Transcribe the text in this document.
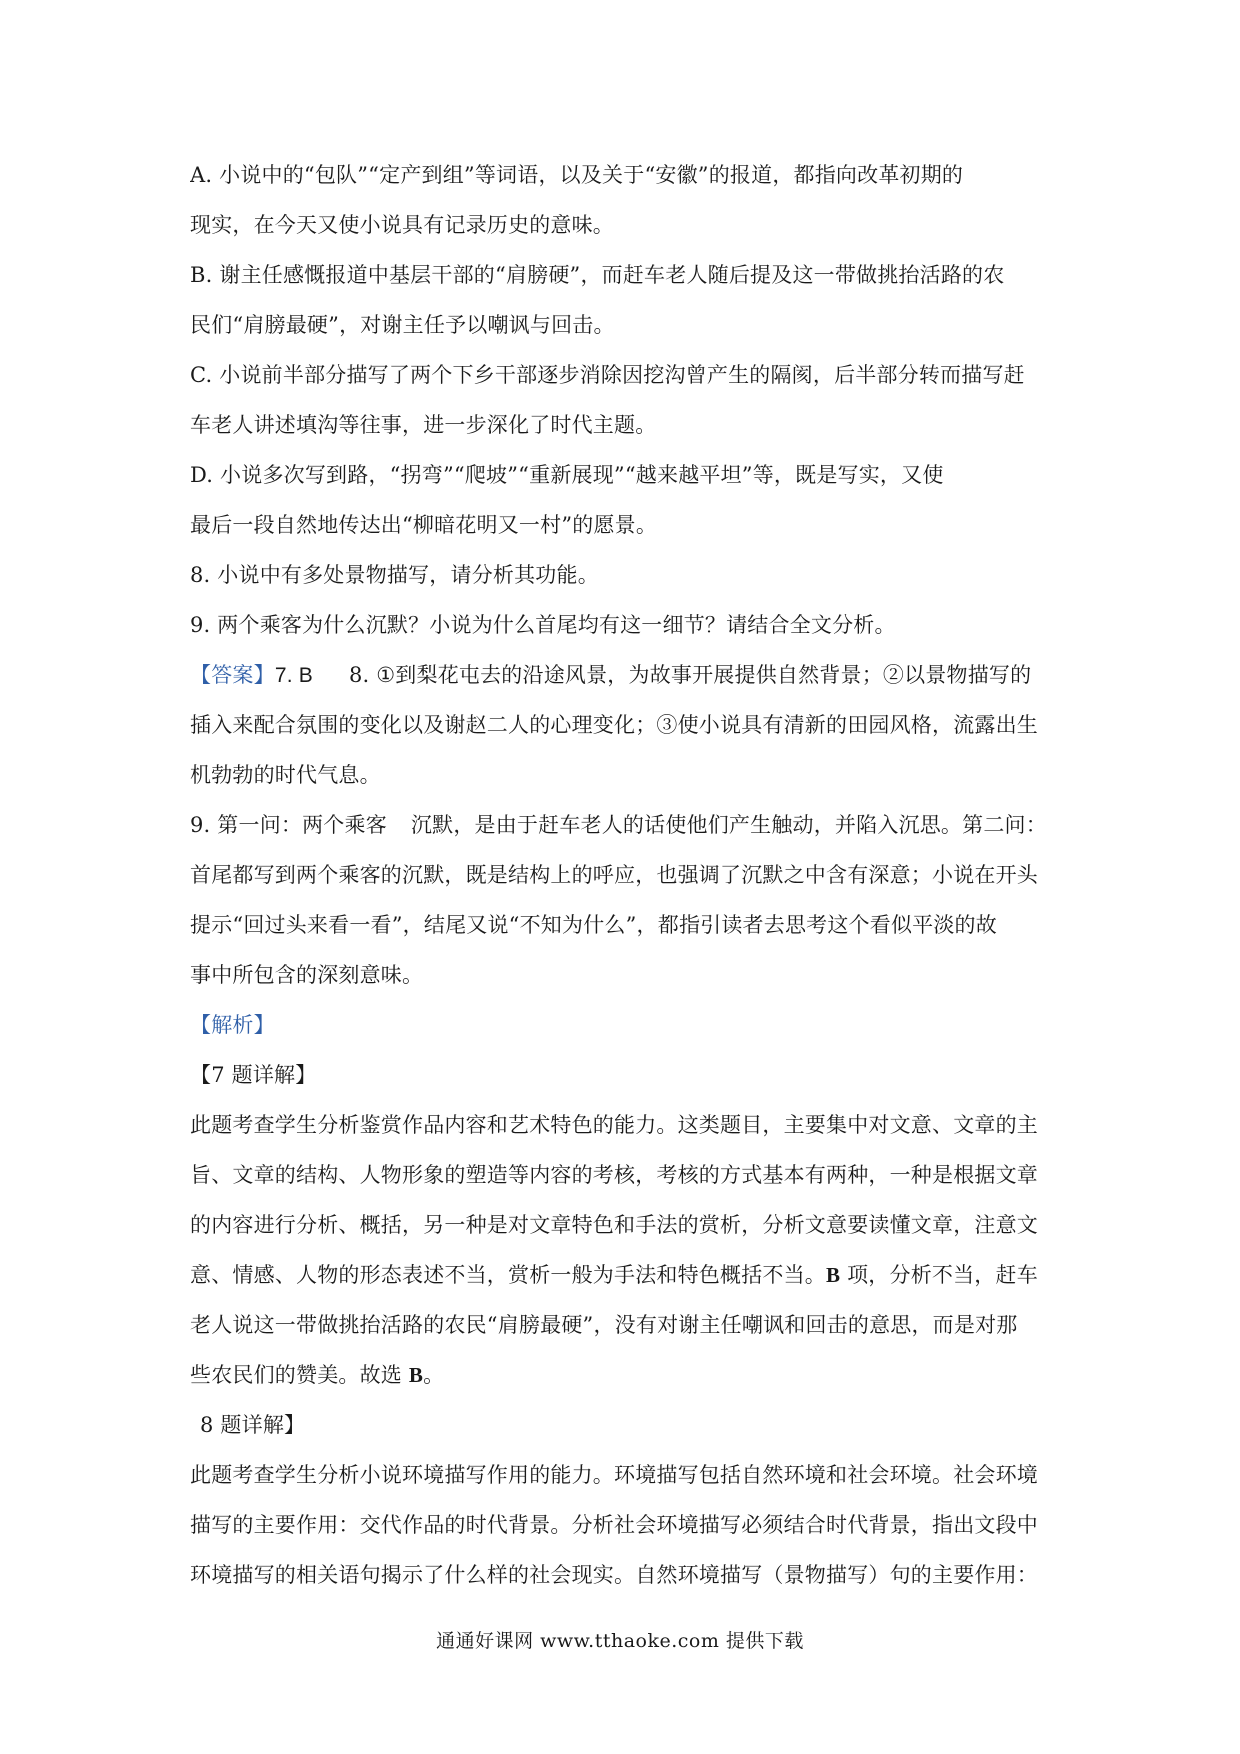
A. 小说中的“包队”“定产到组”等词语，以及关于“安徽”的报道，都指向改革初期的
现实，在今天又使小说具有记录历史的意味。
B. 谢主任感慨报道中基层干部的“肩膀硬”，而赶车老人随后提及这一带做挑抬活路的农
民们“肩膀最硬”，对谢主任予以嘲讽与回击。
C. 小说前半部分描写了两个下乡干部逐步消除因挖沟曾产生的隔阂，后半部分转而描写赶
车老人讲述填沟等往事，进一步深化了时代主题。
D. 小说多次写到路，“拐弯”“爬坡”“重新展现”“越来越平坦”等，既是写实，又使
最后一段自然地传达出“柳暗花明又一村”的愿景。
8. 小说中有多处景物描写，请分析其功能。
9. 两个乘客为什么沉默？小说为什么首尾均有这一细节？请结合全文分析。
【答案】7. B 8. ①到梨花屯去的沿途风景，为故事开展提供自然背景；②以景物描写的
插入来配合氛围的变化以及谢赵二人的心理变化；③使小说具有清新的田园风格，流露出生
机勃勃的时代气息。
9. 第一问：两个乘客 沉默，是由于赶车老人的话使他们产生触动，并陷入沉思。第二问：
首尾都写到两个乘客的沉默，既是结构上的呼应，也强调了沉默之中含有深意；小说在开头
提示“回过头来看一看”，结尾又说“不知为什么”，都指引读者去思考这个看似平淡的故
事中所包含的深刻意味。
【解析】
【7 题详解】
此题考查学生分析鉴赏作品内容和艺术特色的能力。这类题目，主要集中对文意、文章的主
旨、文章的结构、人物形象的塑造等内容的考核，考核的方式基本有两种，一种是根据文章
的内容进行分析、概括，另一种是对文章特色和手法的赏析，分析文意要读懂文章，注意文
意、情感、人物的形态表述不当，赏析一般为手法和特色概括不当。B 项，分析不当，赶车
老人说这一带做挑抬活路的农民“肩膀最硬”，没有对谢主任嘲讽和回击的意思，而是对那
些农民们的赞美。故选 B。
8 题详解】
此题考查学生分析小说环境描写作用的能力。环境描写包括自然环境和社会环境。社会环境
描写的主要作用：交代作品的时代背景。分析社会环境描写必须结合时代背景，指出文段中
环境描写的相关语句揭示了什么样的社会现实。自然环境描写（景物描写）句的主要作用：
通通好课网 www.tthaoke.com 提供下载
